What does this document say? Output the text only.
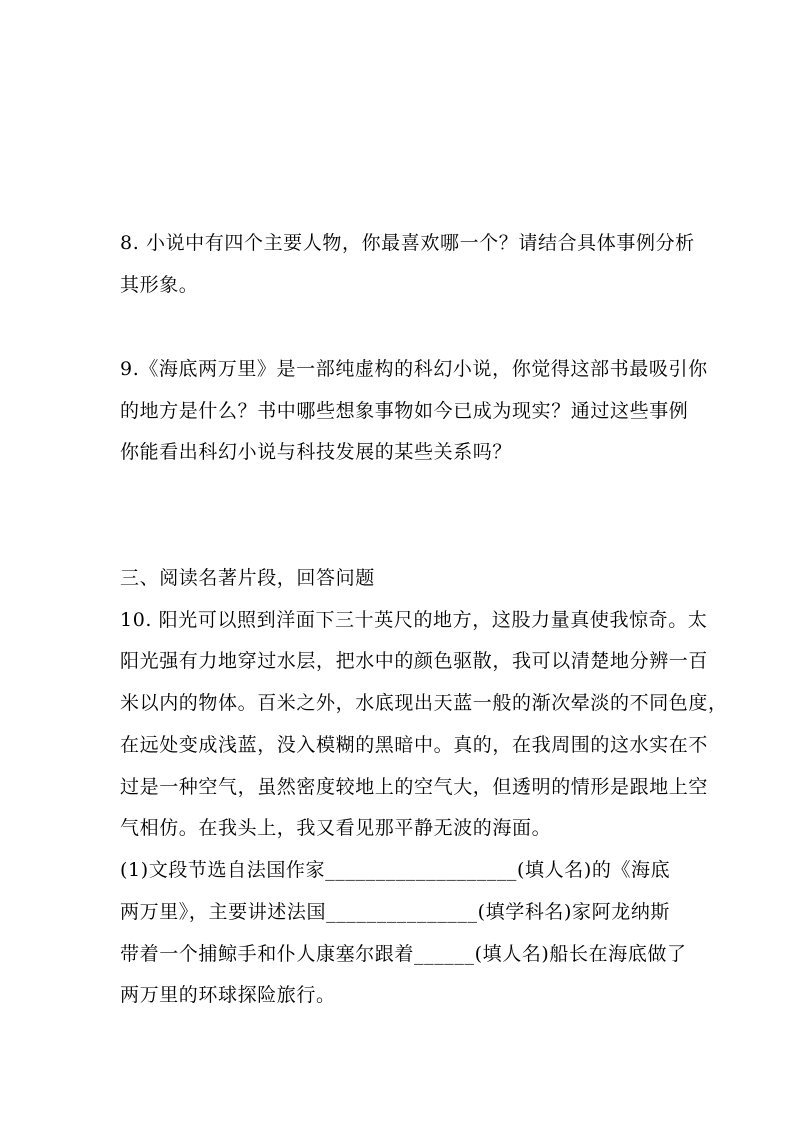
8. 小说中有四个主要人物，你最喜欢哪一个？请结合具体事例分析

其形象。

9.《海底两万里》是一部纯虚构的科幻小说，你觉得这部书最吸引你

的地方是什么？书中哪些想象事物如今已成为现实？通过这些事例

你能看出科幻小说与科技发展的某些关系吗？

三、阅读名著片段，回答问题

10. 阳光可以照到洋面下三十英尺的地方，这股力量真使我惊奇。太

阳光强有力地穿过水层，把水中的颜色驱散，我可以清楚地分辨一百

米以内的物体。百米之外，水底现出天蓝一般的渐次晕淡的不同色度，

在远处变成浅蓝，没入模糊的黑暗中。真的，在我周围的这水实在不

过是一种空气，虽然密度较地上的空气大，但透明的情形是跟地上空

气相仿。在我头上，我又看见那平静无波的海面。

(1)文段节选自法国作家___________________(填人名)的《海底

两万里》，主要讲述法国_______________(填学科名)家阿龙纳斯

带着一个捕鲸手和仆人康塞尔跟着______(填人名)船长在海底做了

两万里的环球探险旅行。
